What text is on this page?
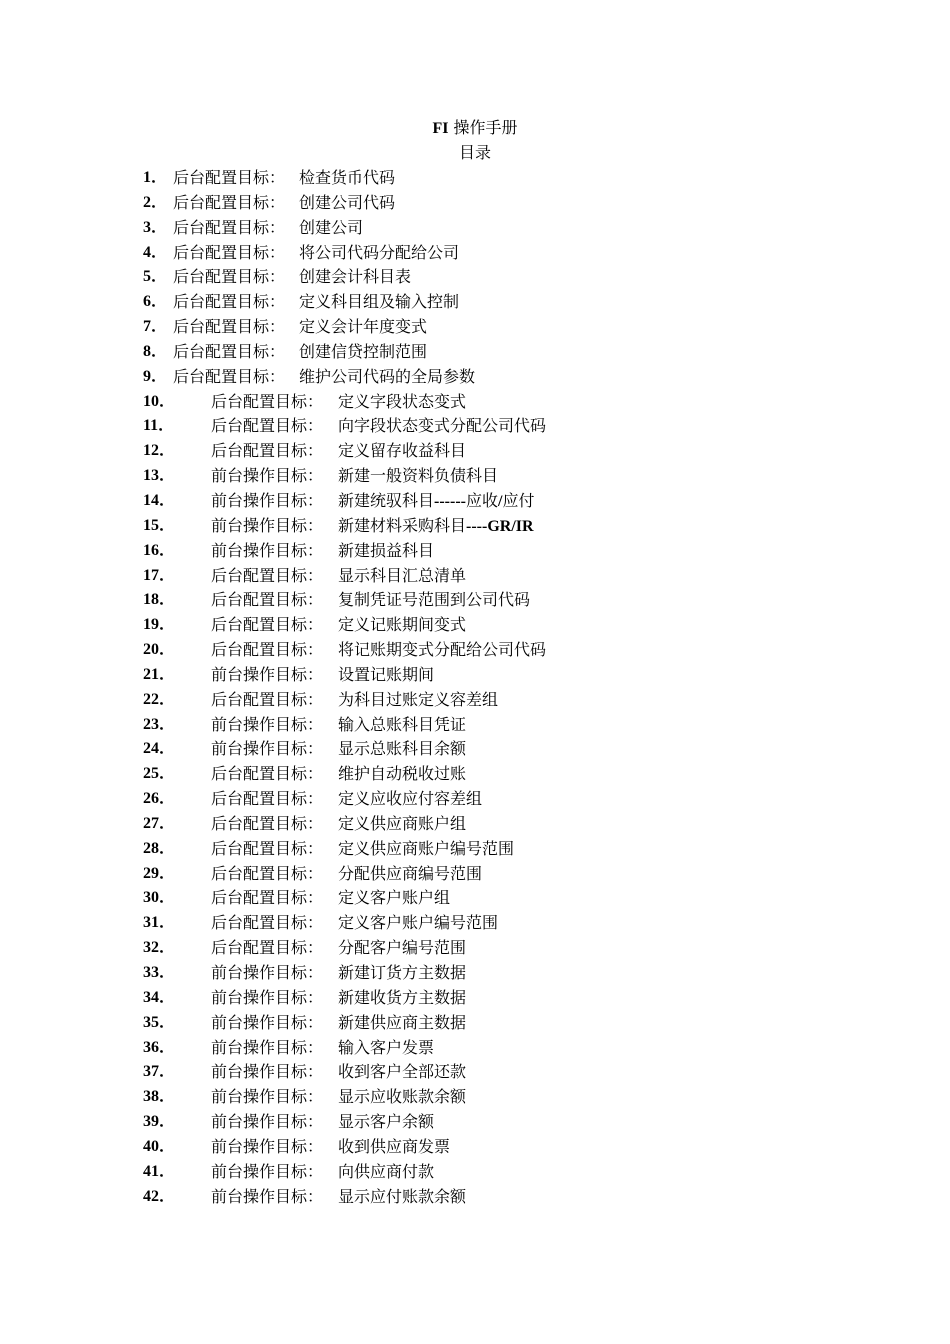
FI 操作手册
目录
1． 后台配置目标： 检查货币代码
2． 后台配置目标： 创建公司代码
3． 后台配置目标： 创建公司
4． 后台配置目标： 将公司代码分配给公司
5． 后台配置目标： 创建会计科目表
6． 后台配置目标： 定义科目组及输入控制
7． 后台配置目标： 定义会计年度变式
8． 后台配置目标： 创建信贷控制范围
9． 后台配置目标： 维护公司代码的全局参数
10． 后台配置目标： 定义字段状态变式
11． 后台配置目标： 向字段状态变式分配公司代码
12． 后台配置目标： 定义留存收益科目
13． 前台操作目标： 新建一般资料负债科目
14． 前台操作目标： 新建统驭科目------应收/应付
15． 前台操作目标： 新建材料采购科目----GR/IR
16． 前台操作目标： 新建损益科目
17． 后台配置目标： 显示科目汇总清单
18． 后台配置目标： 复制凭证号范围到公司代码
19． 后台配置目标： 定义记账期间变式
20． 后台配置目标： 将记账期变式分配给公司代码
21． 前台操作目标： 设置记账期间
22． 后台配置目标： 为科目过账定义容差组
23． 前台操作目标： 输入总账科目凭证
24． 前台操作目标： 显示总账科目余额
25． 后台配置目标： 维护自动税收过账
26． 后台配置目标： 定义应收应付容差组
27． 后台配置目标： 定义供应商账户组
28． 后台配置目标： 定义供应商账户编号范围
29． 后台配置目标： 分配供应商编号范围
30． 后台配置目标： 定义客户账户组
31． 后台配置目标： 定义客户账户编号范围
32． 后台配置目标： 分配客户编号范围
33． 前台操作目标： 新建订货方主数据
34． 前台操作目标： 新建收货方主数据
35． 前台操作目标： 新建供应商主数据
36． 前台操作目标： 输入客户发票
37． 前台操作目标： 收到客户全部还款
38． 前台操作目标： 显示应收账款余额
39． 前台操作目标： 显示客户余额
40． 前台操作目标： 收到供应商发票
41． 前台操作目标： 向供应商付款
42． 前台操作目标： 显示应付账款余额
